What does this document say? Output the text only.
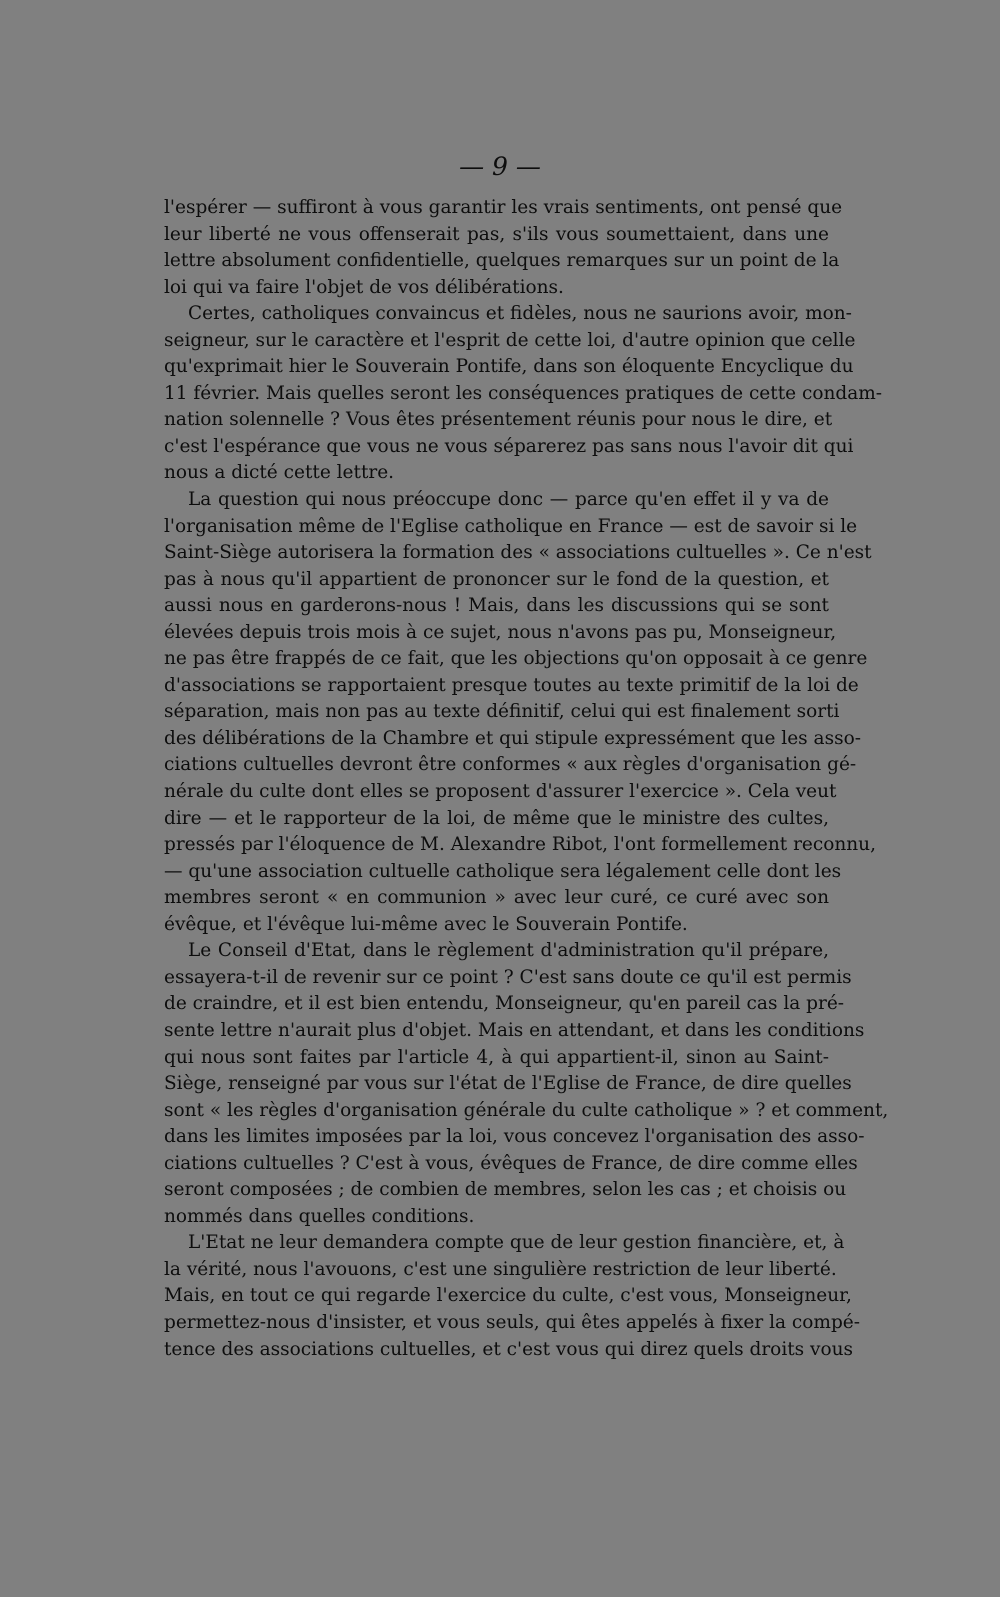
— 9 —
l'espérer — suffiront à vous garantir les vrais sentiments, ont pensé que
leur liberté ne vous offenserait pas, s'ils vous soumettaient, dans une
lettre absolument confidentielle, quelques remarques sur un point de la
loi qui va faire l'objet de vos délibérations.
Certes, catholiques convaincus et fidèles, nous ne saurions avoir, mon-
seigneur, sur le caractère et l'esprit de cette loi, d'autre opinion que celle
qu'exprimait hier le Souverain Pontife, dans son éloquente Encyclique du
11 février. Mais quelles seront les conséquences pratiques de cette condam-
nation solennelle ? Vous êtes présentement réunis pour nous le dire, et
c'est l'espérance que vous ne vous séparerez pas sans nous l'avoir dit qui
nous a dicté cette lettre.
La question qui nous préoccupe donc — parce qu'en effet il y va de
l'organisation même de l'Eglise catholique en France — est de savoir si le
Saint-Siège autorisera la formation des « associations cultuelles ». Ce n'est
pas à nous qu'il appartient de prononcer sur le fond de la question, et
aussi nous en garderons-nous ! Mais, dans les discussions qui se sont
élevées depuis trois mois à ce sujet, nous n'avons pas pu, Monseigneur,
ne pas être frappés de ce fait, que les objections qu'on opposait à ce genre
d'associations se rapportaient presque toutes au texte primitif de la loi de
séparation, mais non pas au texte définitif, celui qui est finalement sorti
des délibérations de la Chambre et qui stipule expressément que les asso-
ciations cultuelles devront être conformes « aux règles d'organisation gé-
nérale du culte dont elles se proposent d'assurer l'exercice ». Cela veut
dire — et le rapporteur de la loi, de même que le ministre des cultes,
pressés par l'éloquence de M. Alexandre Ribot, l'ont formellement reconnu,
— qu'une association cultuelle catholique sera légalement celle dont les
membres seront « en communion » avec leur curé, ce curé avec son
évêque, et l'évêque lui-même avec le Souverain Pontife.
Le Conseil d'Etat, dans le règlement d'administration qu'il prépare,
essayera-t-il de revenir sur ce point ? C'est sans doute ce qu'il est permis
de craindre, et il est bien entendu, Monseigneur, qu'en pareil cas la pré-
sente lettre n'aurait plus d'objet. Mais en attendant, et dans les conditions
qui nous sont faites par l'article 4, à qui appartient-il, sinon au Saint-
Siège, renseigné par vous sur l'état de l'Eglise de France, de dire quelles
sont « les règles d'organisation générale du culte catholique » ? et comment,
dans les limites imposées par la loi, vous concevez l'organisation des asso-
ciations cultuelles ? C'est à vous, évêques de France, de dire comme elles
seront composées ; de combien de membres, selon les cas ; et choisis ou
nommés dans quelles conditions.
L'Etat ne leur demandera compte que de leur gestion financière, et, à
la vérité, nous l'avouons, c'est une singulière restriction de leur liberté.
Mais, en tout ce qui regarde l'exercice du culte, c'est vous, Monseigneur,
permettez-nous d'insister, et vous seuls, qui êtes appelés à fixer la compé-
tence des associations cultuelles, et c'est vous qui direz quels droits vous
